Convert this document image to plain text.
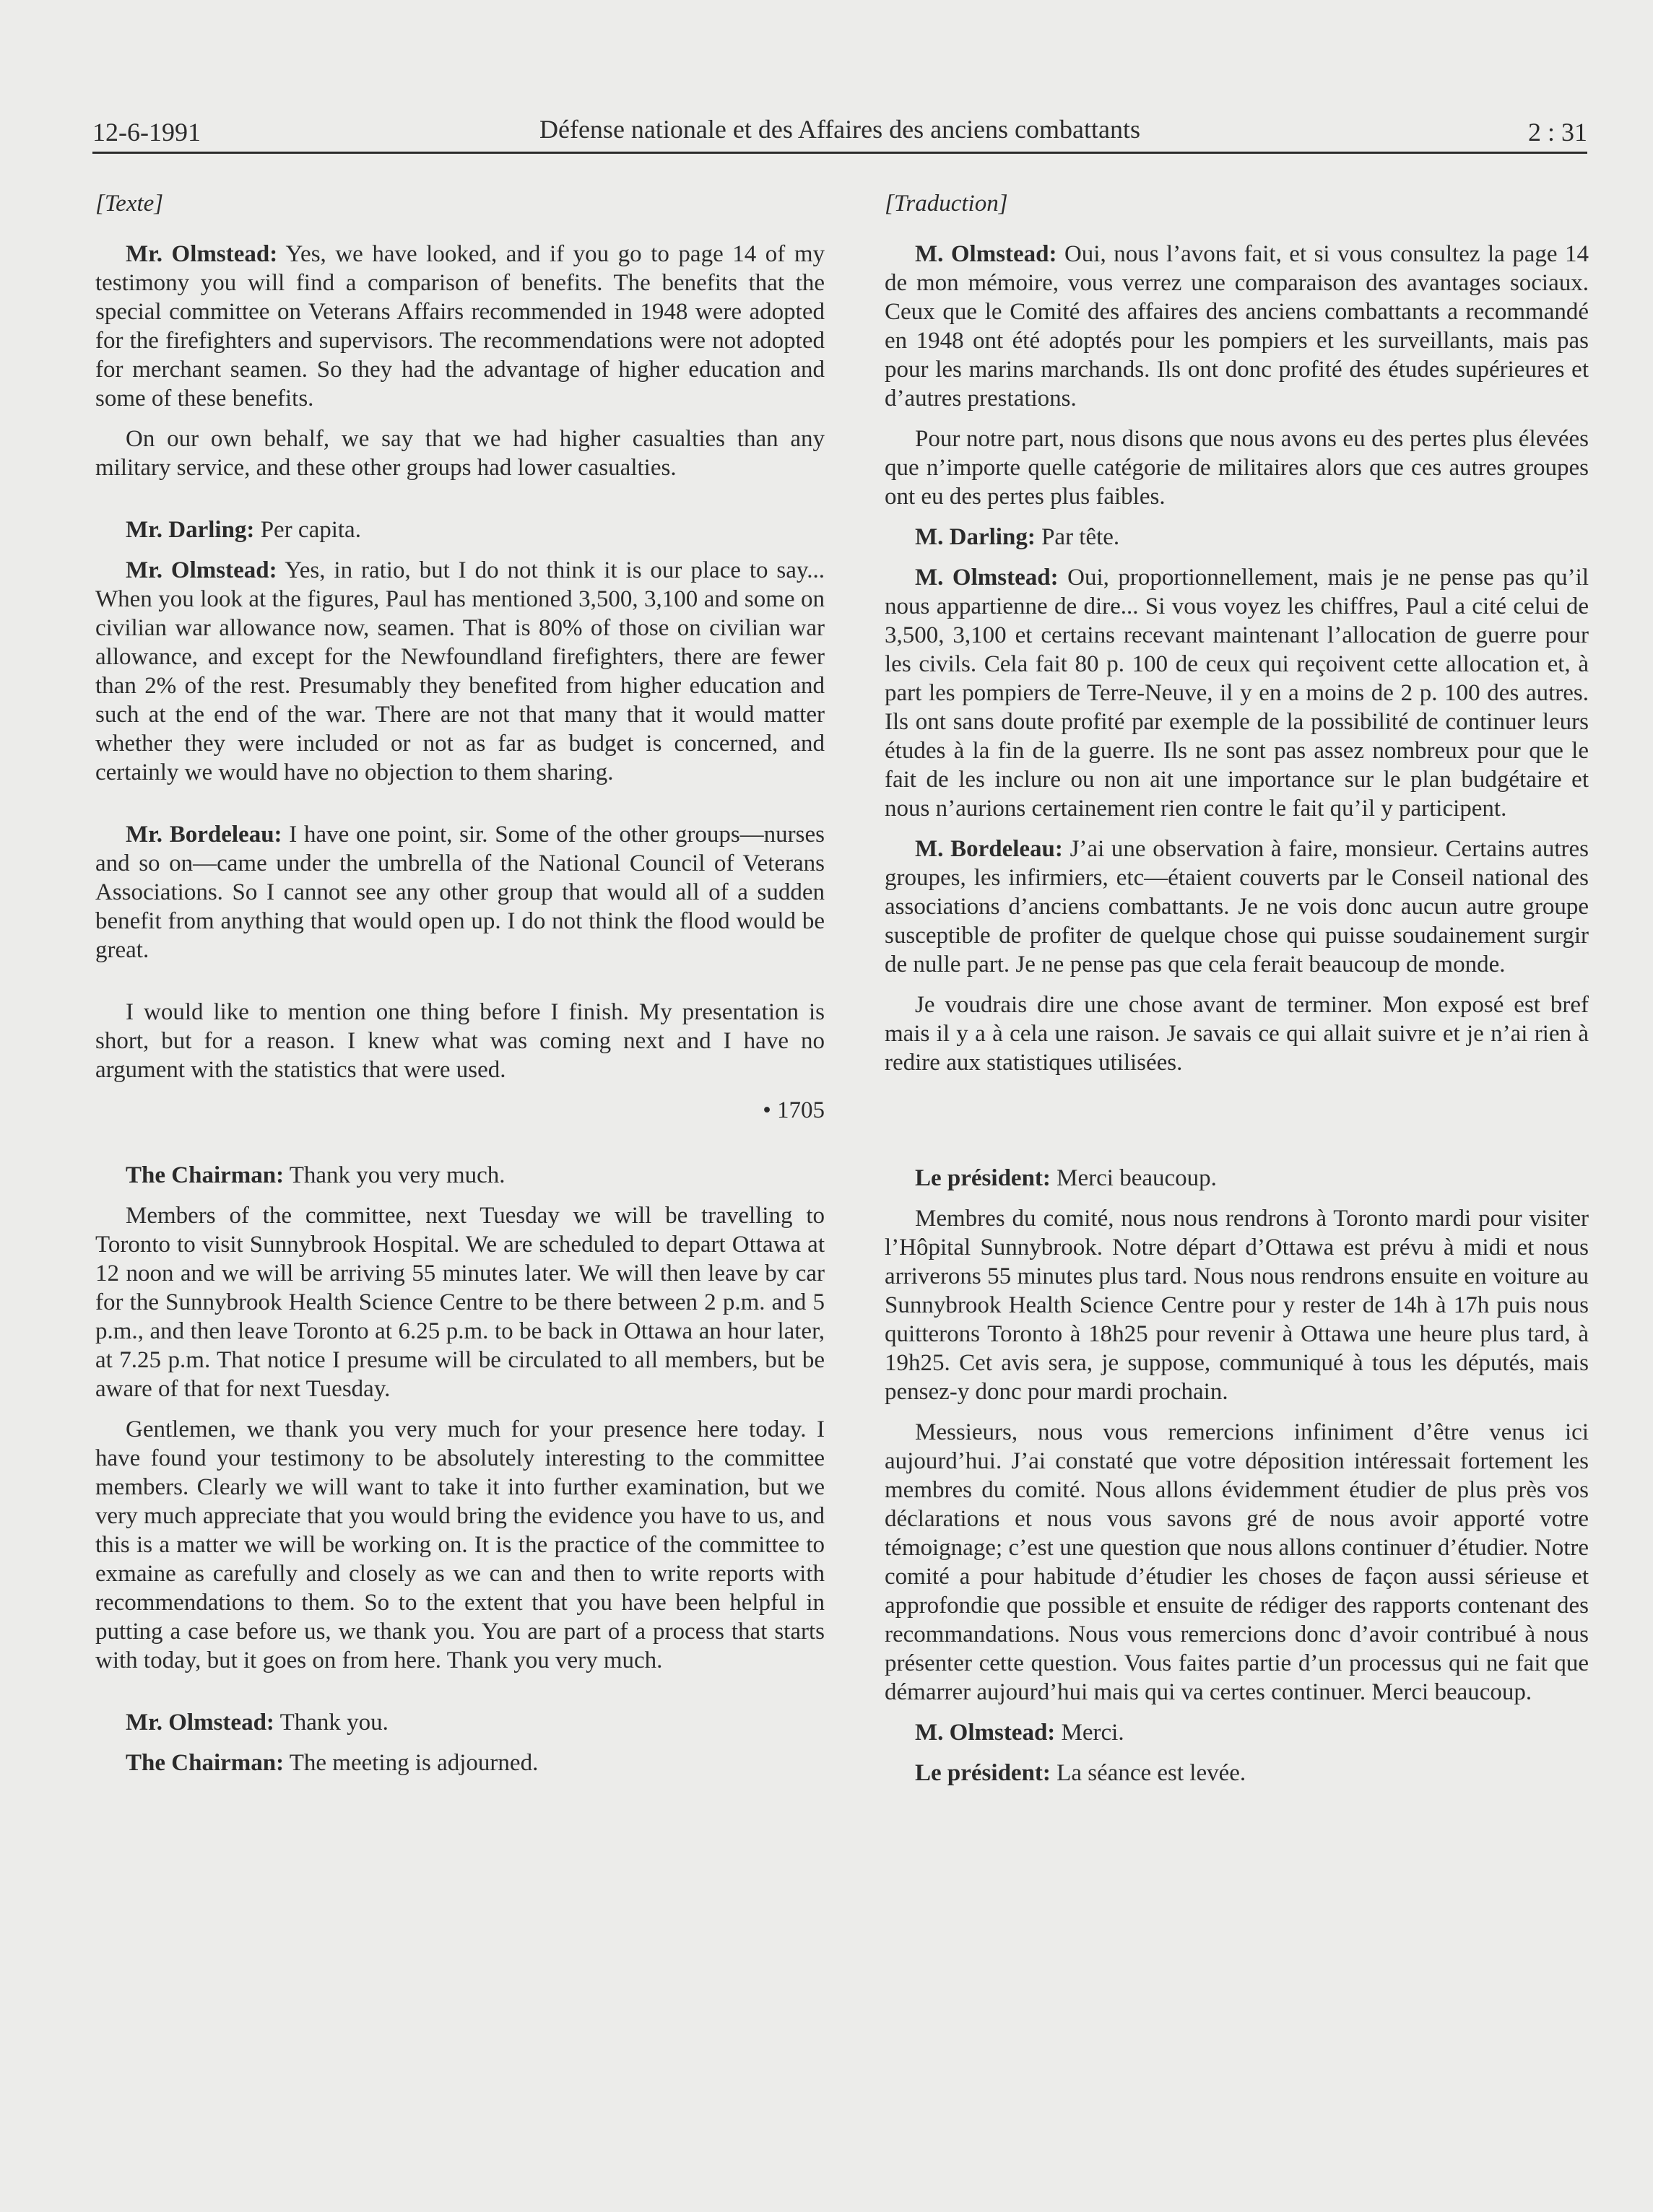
12-6-1991	Défense nationale et des Affaires des anciens combattants	2 : 31

[Texte]

Mr. Olmstead: Yes, we have looked, and if you go to page 14 of my testimony you will find a comparison of benefits. The benefits that the special committee on Veterans Affairs recommended in 1948 were adopted for the firefighters and supervisors. The recommendations were not adopted for merchant seamen. So they had the advantage of higher education and some of these benefits.

On our own behalf, we say that we had higher casualties than any military service, and these other groups had lower casualties.

Mr. Darling: Per capita.

Mr. Olmstead: Yes, in ratio, but I do not think it is our place to say... When you look at the figures, Paul has mentioned 3,500, 3,100 and some on civilian war allowance now, seamen. That is 80% of those on civilian war allowance, and except for the Newfoundland firefighters, there are fewer than 2% of the rest. Presumably they benefited from higher education and such at the end of the war. There are not that many that it would matter whether they were included or not as far as budget is concerned, and certainly we would have no objection to them sharing.

Mr. Bordeleau: I have one point, sir. Some of the other groups—nurses and so on—came under the umbrella of the National Council of Veterans Associations. So I cannot see any other group that would all of a sudden benefit from anything that would open up. I do not think the flood would be great.

I would like to mention one thing before I finish. My presentation is short, but for a reason. I knew what was coming next and I have no argument with the statistics that were used.

• 1705

The Chairman: Thank you very much.

Members of the committee, next Tuesday we will be travelling to Toronto to visit Sunnybrook Hospital. We are scheduled to depart Ottawa at 12 noon and we will be arriving 55 minutes later. We will then leave by car for the Sunnybrook Health Science Centre to be there between 2 p.m. and 5 p.m., and then leave Toronto at 6.25 p.m. to be back in Ottawa an hour later, at 7.25 p.m. That notice I presume will be circulated to all members, but be aware of that for next Tuesday.

Gentlemen, we thank you very much for your presence here today. I have found your testimony to be absolutely interesting to the committee members. Clearly we will want to take it into further examination, but we very much appreciate that you would bring the evidence you have to us, and this is a matter we will be working on. It is the practice of the committee to exmaine as carefully and closely as we can and then to write reports with recommendations to them. So to the extent that you have been helpful in putting a case before us, we thank you. You are part of a process that starts with today, but it goes on from here. Thank you very much.

Mr. Olmstead: Thank you.

The Chairman: The meeting is adjourned.

[Traduction]

M. Olmstead: Oui, nous l’avons fait, et si vous consultez la page 14 de mon mémoire, vous verrez une comparaison des avantages sociaux. Ceux que le Comité des affaires des anciens combattants a recommandé en 1948 ont été adoptés pour les pompiers et les surveillants, mais pas pour les marins marchands. Ils ont donc profité des études supérieures et d’autres prestations.

Pour notre part, nous disons que nous avons eu des pertes plus élevées que n’importe quelle catégorie de militaires alors que ces autres groupes ont eu des pertes plus faibles.

M. Darling: Par tête.

M. Olmstead: Oui, proportionnellement, mais je ne pense pas qu’il nous appartienne de dire... Si vous voyez les chiffres, Paul a cité celui de 3,500, 3,100 et certains recevant maintenant l’allocation de guerre pour les civils. Cela fait 80 p. 100 de ceux qui reçoivent cette allocation et, à part les pompiers de Terre-Neuve, il y en a moins de 2 p. 100 des autres. Ils ont sans doute profité par exemple de la possibilité de continuer leurs études à la fin de la guerre. Ils ne sont pas assez nombreux pour que le fait de les inclure ou non ait une importance sur le plan budgétaire et nous n’aurions certainement rien contre le fait qu’il y participent.

M. Bordeleau: J’ai une observation à faire, monsieur. Certains autres groupes, les infirmiers, etc—étaient couverts par le Conseil national des associations d’anciens combattants. Je ne vois donc aucun autre groupe susceptible de profiter de quelque chose qui puisse soudainement surgir de nulle part. Je ne pense pas que cela ferait beaucoup de monde.

Je voudrais dire une chose avant de terminer. Mon exposé est bref mais il y a à cela une raison. Je savais ce qui allait suivre et je n’ai rien à redire aux statistiques utilisées.

Le président: Merci beaucoup.

Membres du comité, nous nous rendrons à Toronto mardi pour visiter l’Hôpital Sunnybrook. Notre départ d’Ottawa est prévu à midi et nous arriverons 55 minutes plus tard. Nous nous rendrons ensuite en voiture au Sunnybrook Health Science Centre pour y rester de 14h à 17h puis nous quitterons Toronto à 18h25 pour revenir à Ottawa une heure plus tard, à 19h25. Cet avis sera, je suppose, communiqué à tous les députés, mais pensez-y donc pour mardi prochain.

Messieurs, nous vous remercions infiniment d’être venus ici aujourd’hui. J’ai constaté que votre déposition intéressait fortement les membres du comité. Nous allons évidemment étudier de plus près vos déclarations et nous vous savons gré de nous avoir apporté votre témoignage; c’est une question que nous allons continuer d’étudier. Notre comité a pour habitude d’étudier les choses de façon aussi sérieuse et approfondie que possible et ensuite de rédiger des rapports contenant des recommandations. Nous vous remercions donc d’avoir contribué à nous présenter cette question. Vous faites partie d’un processus qui ne fait que démarrer aujourd’hui mais qui va certes continuer. Merci beaucoup.

M. Olmstead: Merci.

Le président: La séance est levée.
